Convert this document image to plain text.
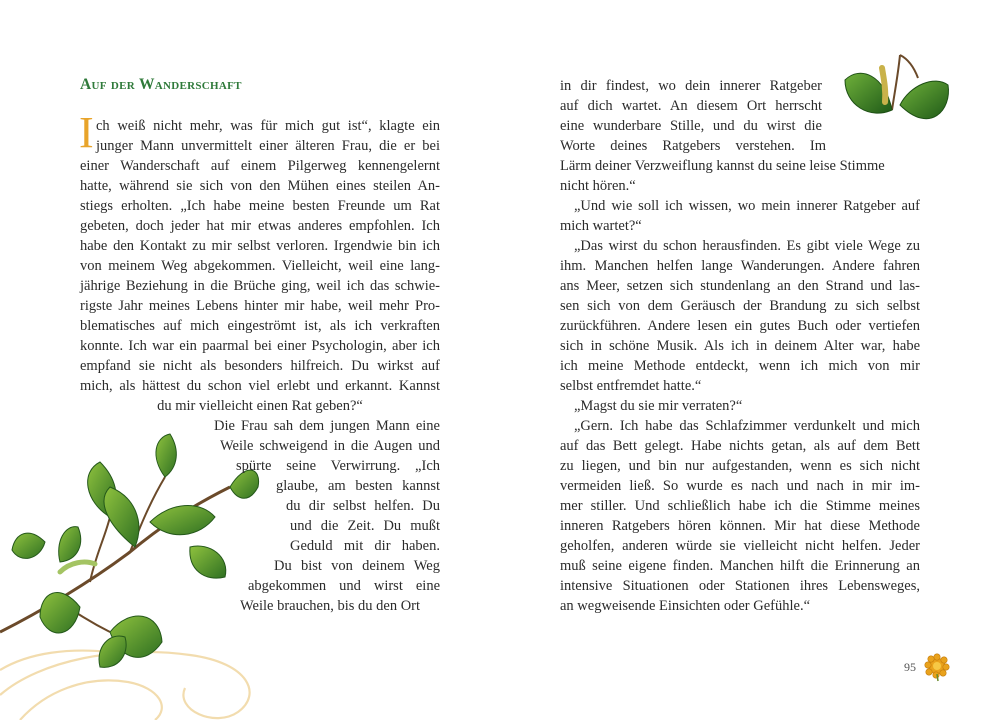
Auf der Wanderschaft
I ch weiß nicht mehr, was für mich gut ist“, klagte ein

junger Mann unvermittelt einer älteren Frau, die er bei

einer Wanderschaft auf einem Pilgerweg kennengelernt

hatte, während sie sich von den Mühen eines steilen An-

stiegs erholten. „Ich habe meine besten Freunde um Rat

gebeten, doch jeder hat mir etwas anderes empfohlen. Ich

habe den Kontakt zu mir selbst verloren. Irgendwie bin ich

von meinem Weg abgekommen. Vielleicht, weil eine lang-

jährige Beziehung in die Brüche ging, weil ich das schwie-

rigste Jahr meines Lebens hinter mir habe, weil mehr Pro-

blematisches auf mich eingeströmt ist, als ich verkraften

konnte. Ich war ein paarmal bei einer Psychologin, aber ich

empfand sie nicht als besonders hilfreich. Du wirkst auf

mich, als hättest du schon viel erlebt und erkannt. Kannst

du mir vielleicht einen Rat geben?“

Die Frau sah dem jungen Mann eine

Weile schweigend in die Augen und

spürte seine Verwirrung. „Ich

glaube, am besten kannst

du dir selbst helfen. Du

und die Zeit. Du mußt

Geduld mit dir haben.

Du bist von deinem Weg

abgekommen und wirst eine

Weile brauchen, bis du den Ort

in dir findest, wo dein innerer Ratgeber

auf dich wartet. An diesem Ort herrscht

eine wunderbare Stille, und du wirst die

Worte deines Ratgebers verstehen. Im

Lärm deiner Verzweiflung kannst du seine leise Stimme

nicht hören.“

„Und wie soll ich wissen, wo mein innerer Ratgeber auf

mich wartet?“

„Das wirst du schon herausfinden. Es gibt viele Wege zu

ihm. Manchen helfen lange Wanderungen. Andere fahren

ans Meer, setzen sich stundenlang an den Strand und las-

sen sich von dem Geräusch der Brandung zu sich selbst

zurückführen. Andere lesen ein gutes Buch oder vertiefen

sich in schöne Musik. Als ich in deinem Alter war, habe

ich meine Methode entdeckt, wenn ich mich von mir

selbst entfremdet hatte.“

„Magst du sie mir verraten?“

„Gern. Ich habe das Schlafzimmer verdunkelt und mich

auf das Bett gelegt. Habe nichts getan, als auf dem Bett

zu liegen, und bin nur aufgestanden, wenn es sich nicht

vermeiden ließ. So wurde es nach und nach in mir im-

mer stiller. Und schließlich habe ich die Stimme meines

inneren Ratgebers hören können. Mir hat diese Methode

geholfen, anderen würde sie vielleicht nicht helfen. Jeder

muß seine eigene finden. Manchen hilft die Erinnerung an

intensive Situationen oder Stationen ihres Lebensweges,

an wegweisende Einsichten oder Gefühle.“

95
